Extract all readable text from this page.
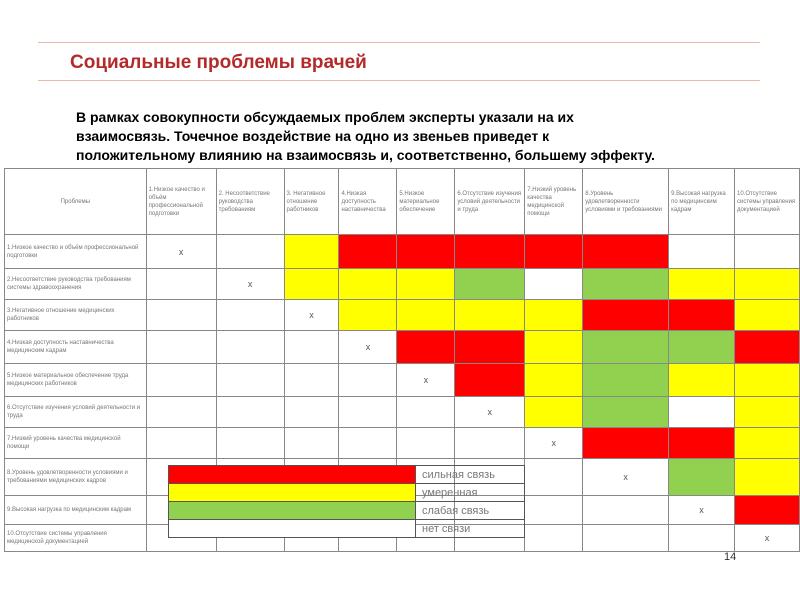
Социальные проблемы врачей
В рамках совокупности обсуждаемых проблем эксперты указали на их
взаимосвязь. Точечное воздействие на одно из звеньев приведет к
положительному влиянию на взаимосвязь и, соответственно, большему эффекту.
Проблемы	1.Низкое качество и объём профессиональной подготовки	2. Несоответствие руководства требованиям	3. Негативное отношение работников	4.Низкая доступность наставничества	5.Низкое материальное обеспечение	6.Отсутствие изучения условий деятельности и труда	7.Низкий уровень качества медицинской помощи	8.Уровень удовлетворенности условиями и требованиями	9.Высокая нагрузка по медицинским кадрам	10.Отсутствие системы управления документацией
1.Низкое качество и объём профессиональной подготовки	x									
2.Несоответствие руководства требованиям системы здравоохранения		x								
3.Негативное отношение медицинских работников			x							
4.Низкая доступность наставничества медицинским кадрам				x						
5.Низкое материальное обеспечение труда медицинских работников					x					
6.Отсутствие изучения условий деятельности и труда						x				
7.Низкий уровень качества медицинской помощи							x			
8.Уровень удовлетворенности условиями и требованиями медицинских кадров								x		
9.Высокая нагрузка по медицинским кадрам									x	
10.Отсутствие системы управления медицинской документацией										x
	сильная связь
	умеренная
	слабая связь
	нет связи
14
